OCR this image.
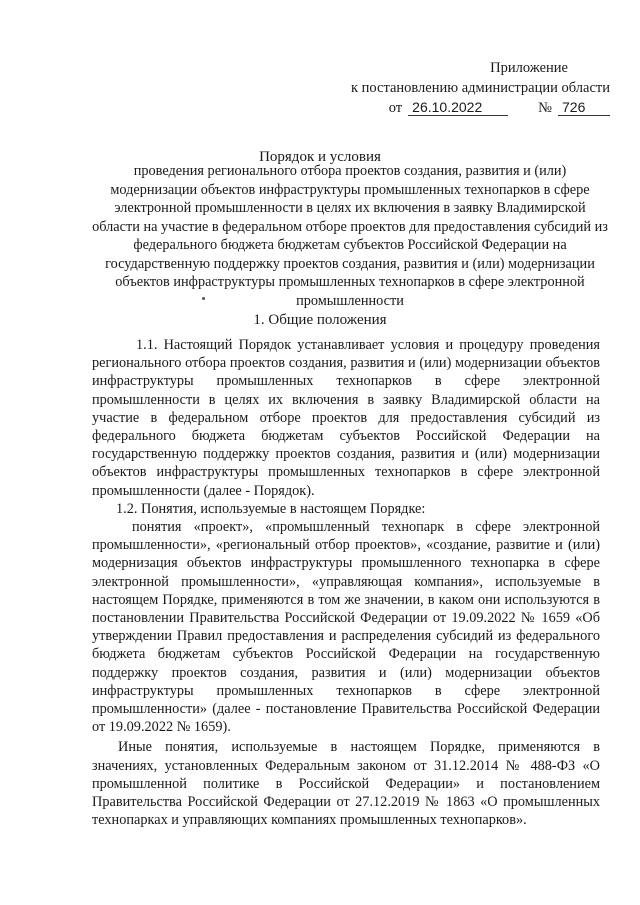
Приложение
к постановлению администрации области
от 26.10.2022	№ 726
Порядок и условия

проведения регионального отбора проектов создания, развития и (или) модернизации объектов инфраструктуры промышленных технопарков в сфере электронной промышленности в целях их включения в заявку Владимирской области на участие в федеральном отборе проектов для предоставления субсидий из федерального бюджета бюджетам субъектов Российской Федерации на государственную поддержку проектов создания, развития и (или) модернизации объектов инфраструктуры промышленных технопарков в сфере электронной промышленности

1. Общие положения

1.1. Настоящий Порядок устанавливает условия и процедуру проведения регионального отбора проектов создания, развития и (или) модернизации объектов инфраструктуры промышленных технопарков в сфере электронной промышленности в целях их включения в заявку Владимирской области на участие в федеральном отборе проектов для предоставления субсидий из федерального бюджета бюджетам субъектов Российской Федерации на государственную поддержку проектов создания, развития и (или) модернизации объектов инфраструктуры промышленных технопарков в сфере электронной промышленности (далее - Порядок).

1.2. Понятия, используемые в настоящем Порядке:

понятия «проект», «промышленный технопарк в сфере электронной промышленности», «региональный отбор проектов», «создание, развитие и (или) модернизация объектов инфраструктуры промышленного технопарка в сфере электронной промышленности», «управляющая компания», используемые в настоящем Порядке, применяются в том же значении, в каком они используются в постановлении Правительства Российской Федерации от 19.09.2022 № 1659 «Об утверждении Правил предоставления и распределения субсидий из федерального бюджета бюджетам субъектов Российской Федерации на государственную поддержку проектов создания, развития и (или) модернизации объектов инфраструктуры промышленных технопарков в сфере электронной промышленности» (далее - постановление Правительства Российской Федерации от 19.09.2022 № 1659).

Иные понятия, используемые в настоящем Порядке, применяются в значениях, установленных Федеральным законом от 31.12.2014 № 488-ФЗ «О промышленной политике в Российской Федерации» и постановлением Правительства Российской Федерации от 27.12.2019 № 1863 «О промышленных технопарках и управляющих компаниях промышленных технопарков».
